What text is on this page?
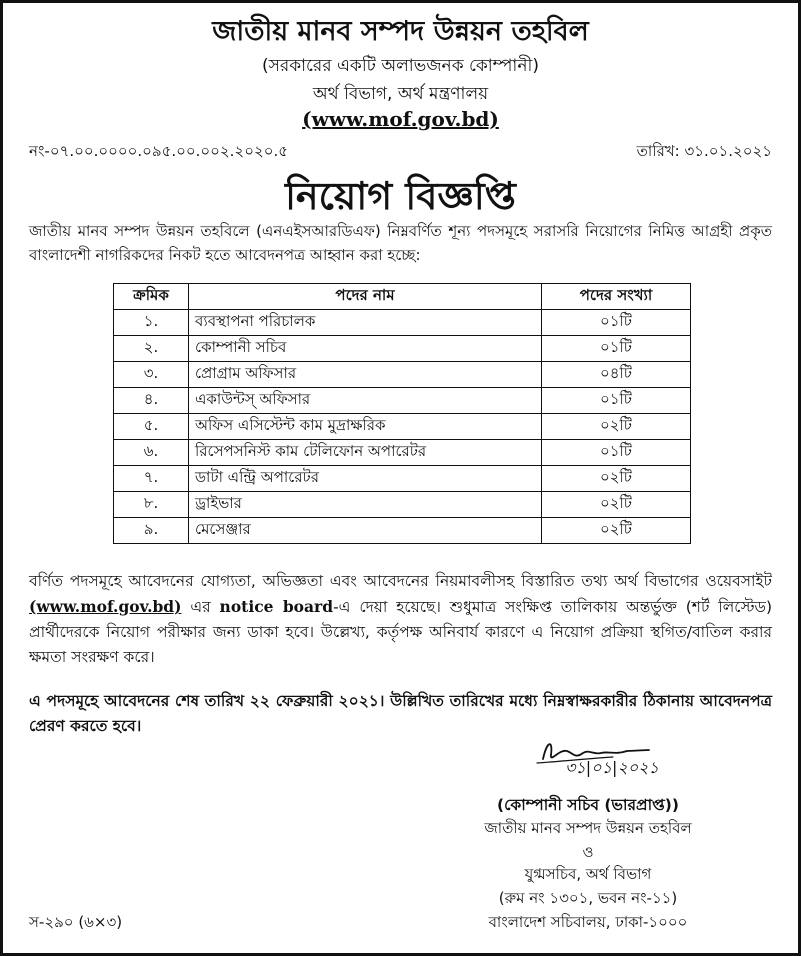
জাতীয় মানব সম্পদ উন্নয়ন তহবিল
(সরকারের একটি অলাভজনক কোম্পানী)
অর্থ বিভাগ, অর্থ মন্ত্রণালয়
(www.mof.gov.bd)
নং-০৭.০০.০০০০.০৯৫.০০.০০২.২০২০.৫	তারিখ: ৩১.০১.২০২১
নিয়োগ বিজ্ঞপ্তি
জাতীয় মানব সম্পদ উন্নয়ন তহবিলে (এনএইসআরডিএফ) নিম্নবর্ণিত শূন্য পদসমূহে সরাসরি নিয়োগের নিমিত্ত আগ্রহী প্রকৃত বাংলাদেশী নাগরিকদের নিকট হতে আবেদনপত্র আহ্বান করা হচ্ছে:
ক্রমিক	পদের নাম	পদের সংখ্যা
১.	ব্যবস্থাপনা পরিচালক	০১টি
২.	কোম্পানী সচিব	০১টি
৩.	প্রোগ্রাম অফিসার	০৪টি
৪.	একাউন্টস্ অফিসার	০১টি
৫.	অফিস এসিস্টেন্ট কাম মুদ্রাক্ষরিক	০২টি
৬.	রিসেপসনিস্ট কাম টেলিফোন অপারেটর	০১টি
৭.	ডাটা এন্ট্রি অপারেটর	০২টি
৮.	ড্রাইভার	০২টি
৯.	মেসেঞ্জার	০২টি
বর্ণিত পদসমূহে আবেদনের যোগ্যতা, অভিজ্ঞতা এবং আবেদনের নিয়মাবলীসহ বিস্তারিত তথ্য অর্থ বিভাগের ওয়েবসাইট (www.mof.gov.bd) এর notice board-এ দেয়া হয়েছে। শুধুমাত্র সংক্ষিপ্ত তালিকায় অন্তর্ভুক্ত (শর্ট লিস্টেড) প্রার্থীদেরকে নিয়োগ পরীক্ষার জন্য ডাকা হবে। উল্লেখ্য, কর্তৃপক্ষ অনিবার্য কারণে এ নিয়োগ প্রক্রিয়া স্থগিত/বাতিল করার ক্ষমতা সংরক্ষণ করে।
এ পদসমূহে আবেদনের শেষ তারিখ ২২ ফেব্রুয়ারী ২০২১। উল্লিখিত তারিখের মধ্যে নিম্নস্বাক্ষরকারীর ঠিকানায় আবেদনপত্র প্রেরণ করতে হবে।
৩১|০১|২০২১
(কোম্পানী সচিব (ভারপ্রাপ্ত))
জাতীয় মানব সম্পদ উন্নয়ন তহবিল
ও
যুগ্মসচিব, অর্থ বিভাগ
(রুম নং ১৩০১, ভবন নং-১১)
বাংলাদেশ সচিবালয়, ঢাকা-১০০০
স-২৯০ (৬×৩)
